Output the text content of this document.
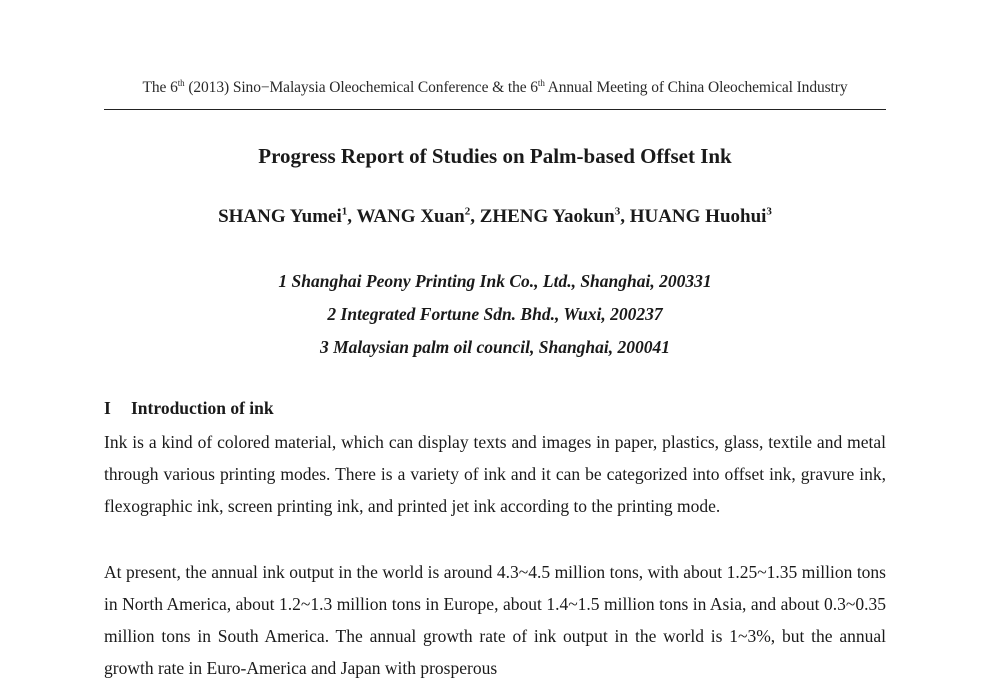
The 6th (2013) Sino−Malaysia Oleochemical Conference & the 6th Annual Meeting of China Oleochemical Industry
Progress Report of Studies on Palm-based Offset Ink
SHANG Yumei$^1$, WANG Xuan$^2$, ZHENG Yaokun$^3$, HUANG Huohui$^3$
1 Shanghai Peony Printing Ink Co., Ltd., Shanghai, 200331
2 Integrated Fortune Sdn. Bhd., Wuxi, 200237
3 Malaysian palm oil council, Shanghai, 200041
I Introduction of ink
Ink is a kind of colored material, which can display texts and images in paper, plastics, glass, textile and metal through various printing modes. There is a variety of ink and it can be categorized into offset ink, gravure ink, flexographic ink, screen printing ink, and printed jet ink according to the printing mode.
At present, the annual ink output in the world is around 4.3~4.5 million tons, with about 1.25~1.35 million tons in North America, about 1.2~1.3 million tons in Europe, about 1.4~1.5 million tons in Asia, and about 0.3~0.35 million tons in South America. The annual growth rate of ink output in the world is 1~3%, but the annual growth rate in Euro-America and Japan with prosperous
